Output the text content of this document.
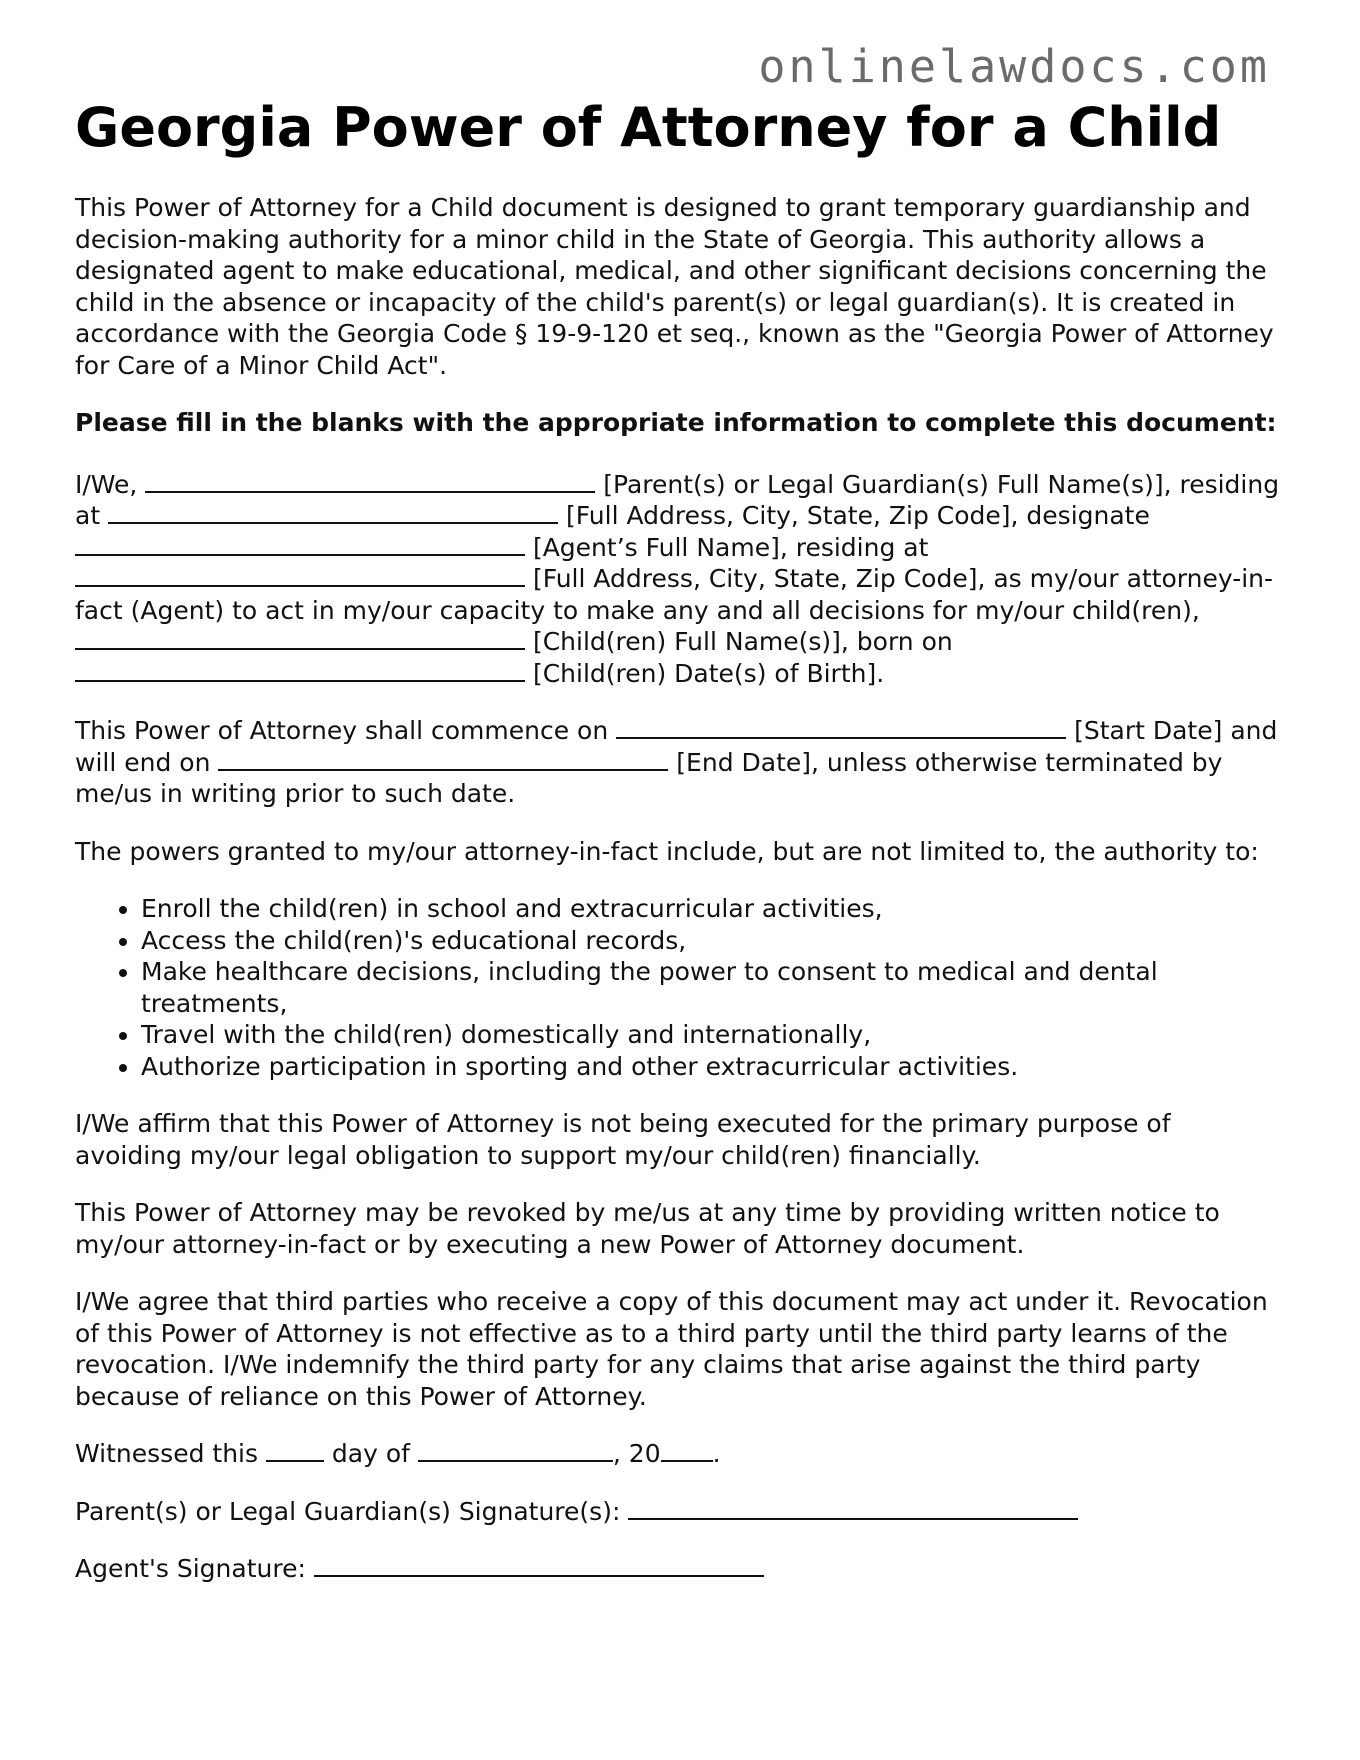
onlinelawdocs.com
Georgia Power of Attorney for a Child

This Power of Attorney for a Child document is designed to grant temporary guardianship and decision-making authority for a minor child in the State of Georgia. This authority allows a designated agent to make educational, medical, and other significant decisions concerning the child in the absence or incapacity of the child's parent(s) or legal guardian(s). It is created in accordance with the Georgia Code § 19-9-120 et seq., known as the "Georgia Power of Attorney for Care of a Minor Child Act".

Please fill in the blanks with the appropriate information to complete this document:

I/We,	[Parent(s) or Legal Guardian(s) Full Name(s)], residing at	[Full Address, City, State, Zip Code], designate  [Agent’s Full Name], residing at  [Full Address, City, State, Zip Code], as my/our attorney-in-fact (Agent) to act in my/our capacity to make any and all decisions for my/our child(ren),  [Child(ren) Full Name(s)], born on  [Child(ren) Date(s) of Birth].

This Power of Attorney shall commence on	[Start Date] and will end on	[End Date], unless otherwise terminated by me/us in writing prior to such date.

The powers granted to my/our attorney-in-fact include, but are not limited to, the authority to:

• Enroll the child(ren) in school and extracurricular activities,
• Access the child(ren)'s educational records,
• Make healthcare decisions, including the power to consent to medical and dental treatments,
• Travel with the child(ren) domestically and internationally,
• Authorize participation in sporting and other extracurricular activities.

I/We affirm that this Power of Attorney is not being executed for the primary purpose of avoiding my/our legal obligation to support my/our child(ren) financially.

This Power of Attorney may be revoked by me/us at any time by providing written notice to my/our attorney-in-fact or by executing a new Power of Attorney document.

I/We agree that third parties who receive a copy of this document may act under it. Revocation of this Power of Attorney is not effective as to a third party until the third party learns of the revocation. I/We indemnify the third party for any claims that arise against the third party because of reliance on this Power of Attorney.

Witnessed this  day of	, 20 .

Parent(s) or Legal Guardian(s) Signature(s):
Agent's Signature:
